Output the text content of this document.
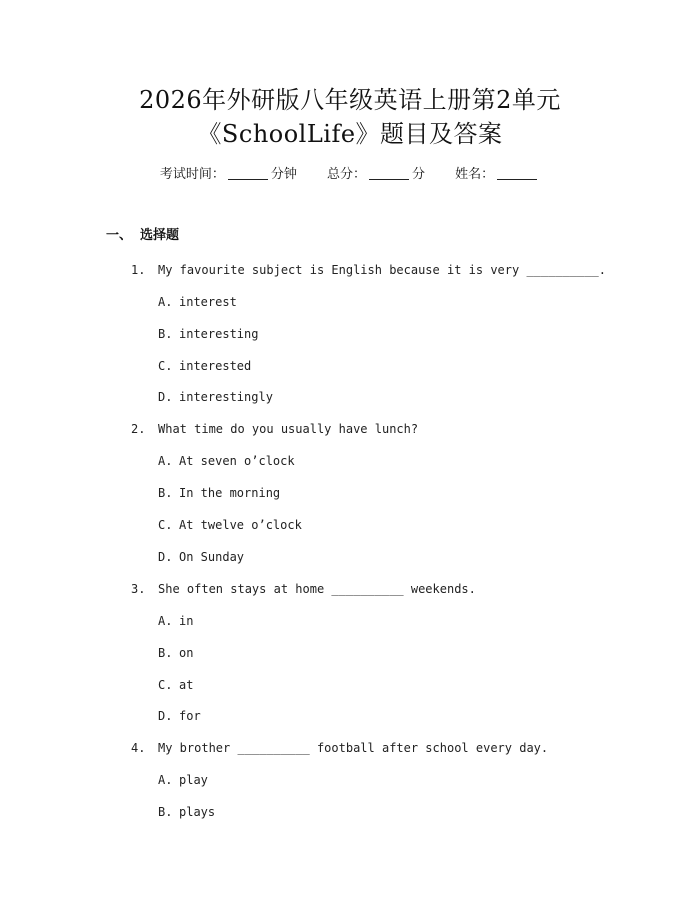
2026年外研版八年级英语上册第2单元
《SchoolLife》题目及答案
考试时间：	分钟 总分：	分 姓名：
一、 选择题
1. My favourite subject is English because it is very __________.
A. interest
B. interesting
C. interested
D. interestingly
2. What time do you usually have lunch?
A. At seven o’clock
B. In the morning
C. At twelve o’clock
D. On Sunday
3. She often stays at home __________ weekends.
A. in
B. on
C. at
D. for
4. My brother __________ football after school every day.
A. play
B. plays
